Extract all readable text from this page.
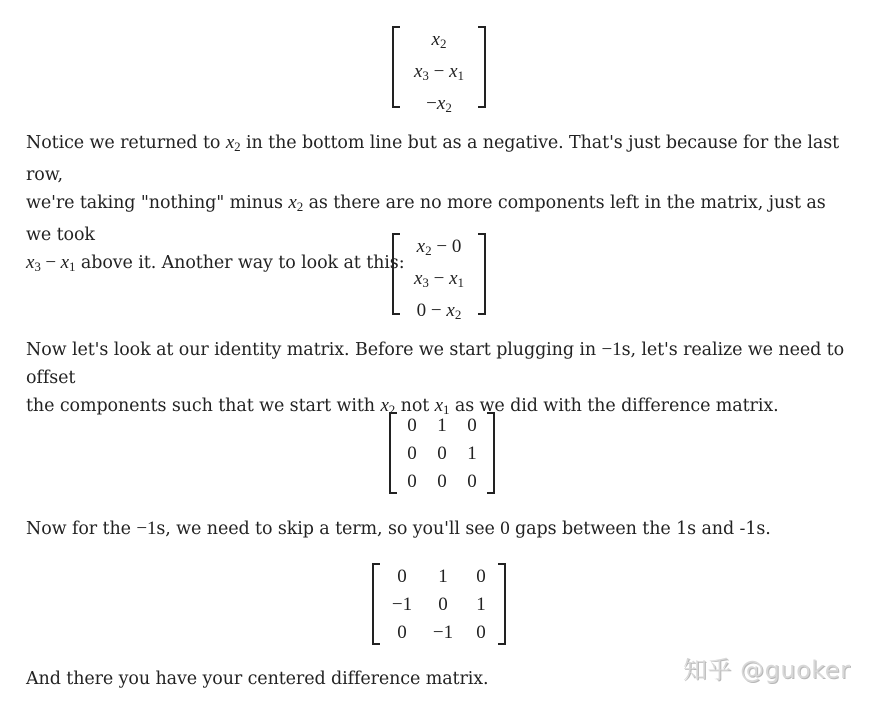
$x_2$
$x_3 - x_1$
$-x_2$
Notice we returned to $x_2$ in the bottom line but as a negative. That's just because for the last row,
we're taking "nothing" minus $x_2$ as there are no more components left in the matrix, just as we took
$x_3 - x_1$ above it. Another way to look at this:
$x_2 - 0$
$x_3 - x_1$
$0 - x_2$
Now let's look at our identity matrix. Before we start plugging in −1s, let's realize we need to offset
the components such that we start with $x_2$ not $x_1$ as we did with the difference matrix.
0	1	0
0	0	1
0	0	0
Now for the −1s, we need to skip a term, so you'll see 0 gaps between the 1s and -1s.
0	1	0
−1	0	1
0	−1	0
And there you have your centered difference matrix.	知乎 @guoker
